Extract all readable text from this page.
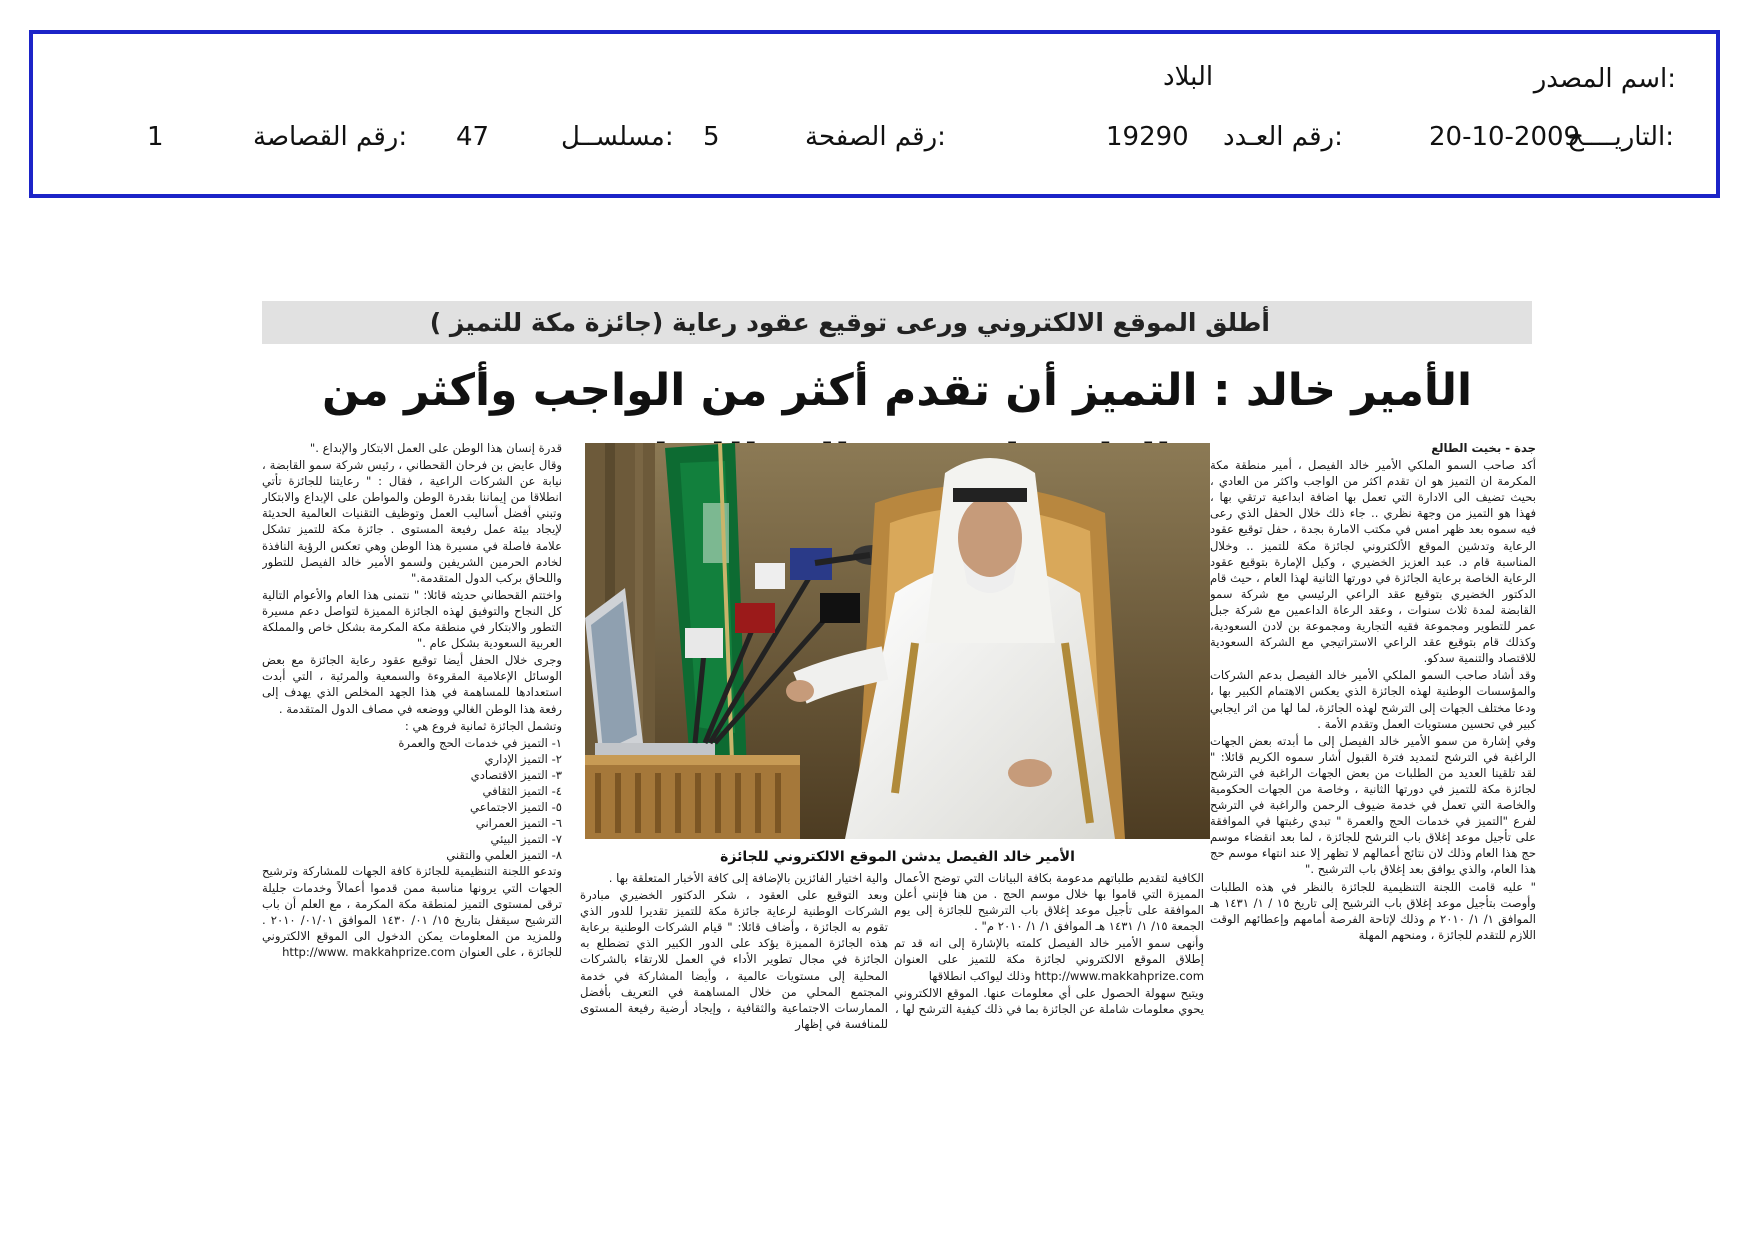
اسم المصدر:
البلاد
التاريــــخ:
20-10-2009
رقم العـدد:
19290
رقم الصفحة:
5
مسلســل:
47
رقم القصاصة:
1
أطلق الموقع الالكتروني ورعى توقيع عقود رعاية (جائزة مكة للتميز )
الأمير خالد : التميز أن تقدم أكثر من الواجب وأكثر من
الأمير خالد الفيصل يدشن الموقع الالكتروني للجائزة

جدة - بخيت الطالع

أكد صاحب السمو الملكي الأمير خالد الفيصل ، أمير منطقة مكة المكرمة ان التميز هو ان تقدم اكثر من الواجب واكثر من العادي ، بحيث تضيف الى الادارة التي تعمل بها اضافة ابداعية ترتقي بها ، فهذا هو التميز من وجهة نظري .. جاء ذلك خلال الحفل الذي رعى فيه سموه بعد ظهر امس في مكتب الامارة بجدة ، حفل توقيع عقود الرعاية وتدشين الموقع الألكتروني لجائزة مكة للتميز .. وخلال المناسبة قام د. عبد العزيز الخضيري ، وكيل الإمارة بتوقيع عقود الرعاية الخاصة برعاية الجائزة في دورتها الثانية لهذا العام ، حيث قام الدكتور الخضيري بتوقيع عقد الراعي الرئيسي مع شركة سمو القابضة لمدة ثلاث سنوات ، وعقد الرعاة الداعمين مع شركة جبل عمر للتطوير ومجموعة فقيه التجارية ومجموعة بن لادن السعودية، وكذلك قام بتوقيع عقد الراعي الاستراتيجي مع الشركة السعودية للاقتصاد والتنمية سدكو.

وقد أشاد صاحب السمو الملكي الأمير خالد الفيصل بدعم الشركات والمؤسسات الوطنية لهذه الجائزة الذي يعكس الاهتمام الكبير بها ، ودعا مختلف الجهات إلى الترشح لهذه الجائزة، لما لها من اثر ايجابي كبير في تحسين مستويات العمل وتقدم الأمة .

وفي إشارة من سمو الأمير خالد الفيصل إلى ما أبدته بعض الجهات الراغبة في الترشح لتمديد فترة القبول أشار سموه الكريم قائلا: " لقد تلقينا العديد من الطلبات من بعض الجهات الراغبة في الترشح لجائزة مكة للتميز في دورتها الثانية ، وخاصة من الجهات الحكومية والخاصة التي تعمل في خدمة ضيوف الرحمن والراغبة في الترشح لفرع "التميز في خدمات الحج والعمرة " تبدي رغبتها في الموافقة على تأجيل موعد إغلاق باب الترشح للجائزة ، لما بعد انقضاء موسم حج هذا العام وذلك لان نتائج أعمالهم لا تظهر إلا عند انتهاء موسم حج هذا العام، والذي يوافق بعد إغلاق باب الترشيح ."

" عليه قامت اللجنة التنظيمية للجائزة بالنظر في هذه الطلبات وأوصت بتأجيل موعد إغلاق باب الترشيح إلى تاريخ ١٥ / ١/ ١٤٣١ هـ الموافق ١/ ١/ ٢٠١٠ م وذلك لإتاحة الفرصة أمامهم وإعطائهم الوقت اللازم للتقدم للجائزة ، ومنحهم المهلة

الكافية لتقديم طلباتهم مدعومة بكافة البيانات التي توضح الأعمال المميزة التي قاموا بها خلال موسم الحج . من هنا فإنني أعلن الموافقة على تأجيل موعد إغلاق باب الترشيح للجائزة إلى يوم الجمعة ١٥/ ١/ ١٤٣١ هـ الموافق ١/ ١/ ٢٠١٠ م" .

وأنهى سمو الأمير خالد الفيصل كلمته بالإشارة إلى انه قد تم إطلاق الموقع الالكتروني لجائزة مكة للتميز على العنوان http://www.makkahprize.com وذلك ليواكب انطلاقها

ويتيح سهولة الحصول على أي معلومات عنها. الموقع الالكتروني يحوي معلومات شاملة عن الجائزة بما في ذلك كيفية الترشح لها ،

والية اختيار الفائزين بالإضافة إلى كافة الأخبار المتعلقة بها .

وبعد التوقيع على العقود ، شكر الدكتور الخضيري مبادرة الشركات الوطنية لرعاية جائزة مكة للتميز تقديرا للدور الذي تقوم به الجائزة ، وأضاف قائلا: " قيام الشركات الوطنية برعاية هذه الجائزة المميزة يؤكد على الدور الكبير الذي تضطلع به الجائزة في مجال تطوير الأداء في العمل للارتقاء بالشركات المحلية إلى مستويات عالمية ، وأيضا المشاركة في خدمة المجتمع المحلي من خلال المساهمة في التعريف بأفضل الممارسات الاجتماعية والثقافية ، وإيجاد أرضية رفيعة المستوى للمنافسة في إظهار

قدرة إنسان هذا الوطن على العمل الابتكار والإبداع ."

وقال عايض بن فرحان القحطاني ، رئيس شركة سمو القابضة ، نيابة عن الشركات الراعية ، فقال : " رعايتنا للجائزة تأتي انطلاقا من إيماننا بقدرة الوطن والمواطن على الإبداع والابتكار وتبني أفضل أساليب العمل وتوظيف التقنيات العالمية الحديثة لإيجاد بيئة عمل رفيعة المستوى . جائزة مكة للتميز تشكل علامة فاصلة في مسيرة هذا الوطن وهي تعكس الرؤية النافذة لخادم الحرمين الشريفين ولسمو الأمير خالد الفيصل للتطور واللحاق بركب الدول المتقدمة."

واختتم القحطاني حديثه قائلا: " نتمنى هذا العام والأعوام التالية كل النجاح والتوفيق لهذه الجائزة المميزة لتواصل دعم مسيرة التطور والابتكار في منطقة مكة المكرمة بشكل خاص والمملكة العربية السعودية بشكل عام ."

وجرى خلال الحفل أيضا توقيع عقود رعاية الجائزة مع بعض الوسائل الإعلامية المقروءة والسمعية والمرئية ، التي أبدت استعدادها للمساهمة في هذا الجهد المخلص الذي يهدف إلى رفعة هذا الوطن الغالي ووضعه في مصاف الدول المتقدمة .

وتشمل الجائزة ثمانية فروع هي :

١- التميز في خدمات الحج والعمرة
٢- التميز الإداري
٣- التميز الاقتصادي
٤- التميز الثقافي
٥- التميز الاجتماعي
٦- التميز العمراني
٧- التميز البيئي
٨- التميز العلمي والتقني

وتدعو اللجنة التنظيمية للجائزة كافة الجهات للمشاركة وترشيح الجهات التي يرونها مناسبة ممن قدموا أعمالاً وخدمات جليلة ترقى لمستوى التميز لمنطقة مكة المكرمة ، مع العلم أن باب الترشيح سيقفل بتاريخ ١٥/ ٠١/ ١٤٣٠ الموافق ٠١/٠١/ ٢٠١٠ . وللمزيد من المعلومات يمكن الدخول الى الموقع الالكتروني للجائزة ، على العنوان http://www. makkahprize.com
